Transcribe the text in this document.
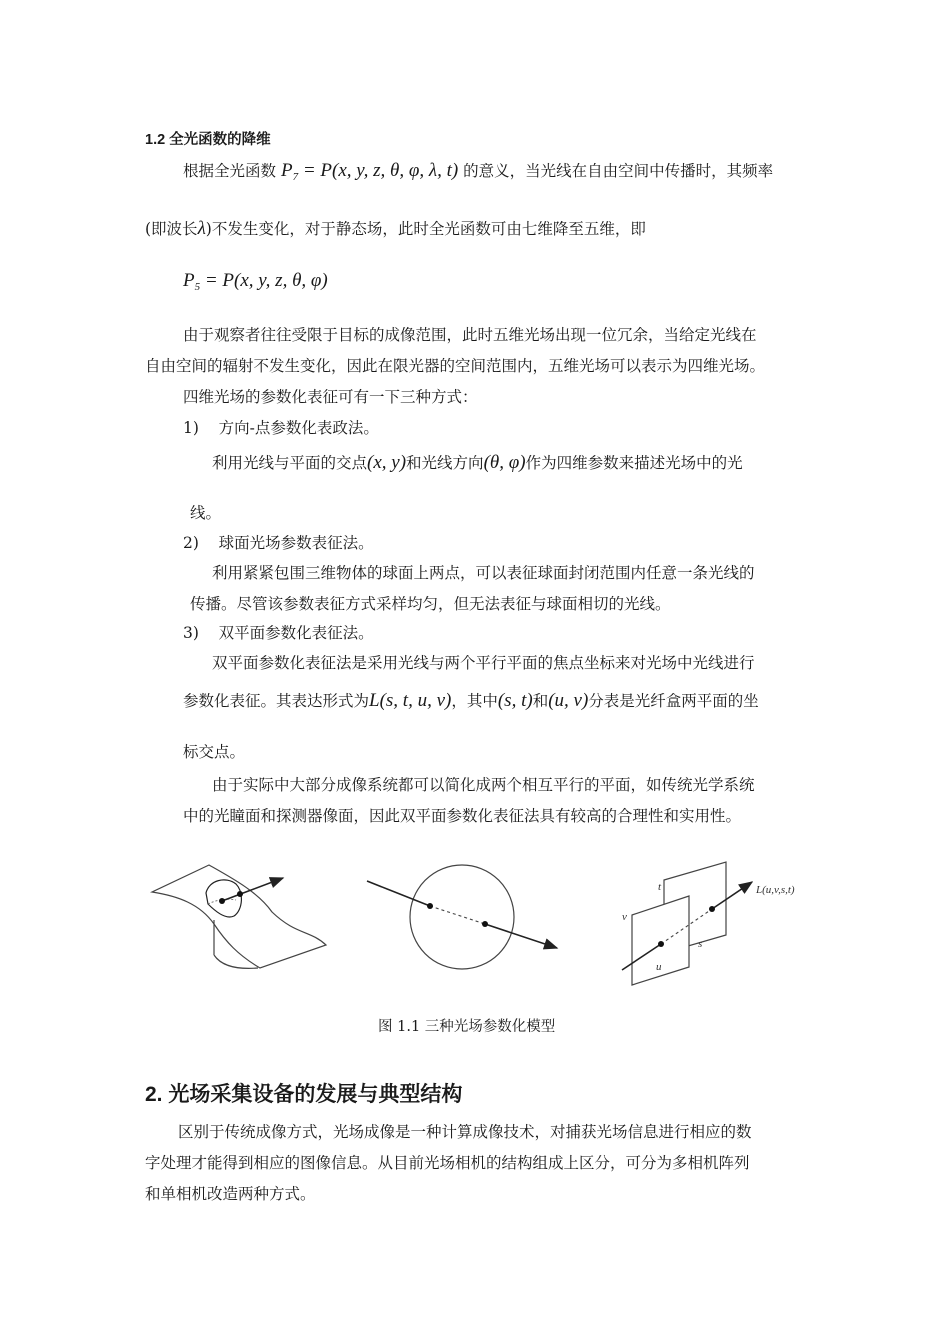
1.2 全光函数的降维
根据全光函数 $P_7 = P(x$, y, z, θ, φ, λ, t) 的意义，当光线在自由空间中传播时，其频率
(即波长λ)不发生变化，对于静态场，此时全光函数可由七维降至五维，即
$P_5 = P(x$, y, z, θ, φ)
由于观察者往往受限于目标的成像范围，此时五维光场出现一位冗余，当给定光线在
自由空间的辐射不发生变化，因此在限光器的空间范围内，五维光场可以表示为四维光场。
四维光场的参数化表征可有一下三种方式：
1) 方向-点参数化表政法。
利用光线与平面的交点(x, y)和光线方向(θ, φ)作为四维参数来描述光场中的光
线。
2) 球面光场参数表征法。
利用紧紧包围三维物体的球面上两点，可以表征球面封闭范围内任意一条光线的
传播。尽管该参数表征方式采样均匀，但无法表征与球面相切的光线。
3) 双平面参数化表征法。
双平面参数化表征法是采用光线与两个平行平面的焦点坐标来对光场中光线进行
参数化表征。其表达形式为L(s, t, u, v)，其中(s, t)和(u, v)分表是光纤盒两平面的坐
标交点。
由于实际中大部分成像系统都可以简化成两个相互平行的平面，如传统光学系统
中的光瞳面和探测器像面，因此双平面参数化表征法具有较高的合理性和实用性。
t
v
u
s
L(u,v,s,t)
图 1.1 三种光场参数化模型
2. 光场采集设备的发展与典型结构
区别于传统成像方式，光场成像是一种计算成像技术，对捕获光场信息进行相应的数
字处理才能得到相应的图像信息。从目前光场相机的结构组成上区分，可分为多相机阵列
和单相机改造两种方式。
